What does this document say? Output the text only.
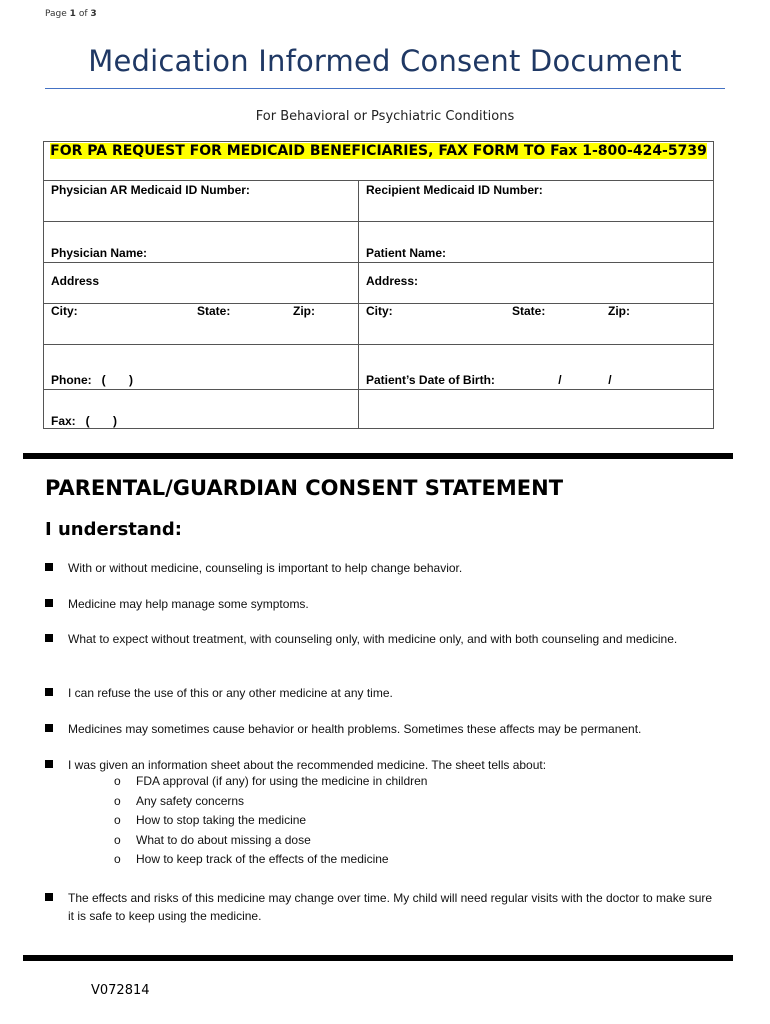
Page 1 of 3
Medication Informed Consent Document
For Behavioral or Psychiatric Conditions
FOR PA REQUEST FOR MEDICAID BENEFICIARIES, FAX FORM TO Fax 1-800-424-5739	
Physician AR Medicaid ID Number:	Recipient Medicaid ID Number:

Physician Name:	Patient Name:

Address	Address:

City: State: Zip:	City: State: Zip:

Phone:   (       )	Patient’s Date of Birth:                   /              /

Fax:   (       )	

PARENTAL/GUARDIAN CONSENT STATEMENT
I understand:
With or without medicine, counseling is important to help change behavior.
Medicine may help manage some symptoms.
What to expect without treatment, with counseling only, with medicine only, and with both counseling and medicine.
I can refuse the use of this or any other medicine at any time.
Medicines may sometimes cause behavior or health problems. Sometimes these affects may be permanent.
I was given an information sheet about the recommended medicine. The sheet tells about:
o FDA approval (if any) for using the medicine in children
o Any safety concerns
o How to stop taking the medicine
o What to do about missing a dose
o How to keep track of the effects of the medicine
The effects and risks of this medicine may change over time. My child will need regular visits with the doctor to make sure it is safe to keep using the medicine.
V072814
